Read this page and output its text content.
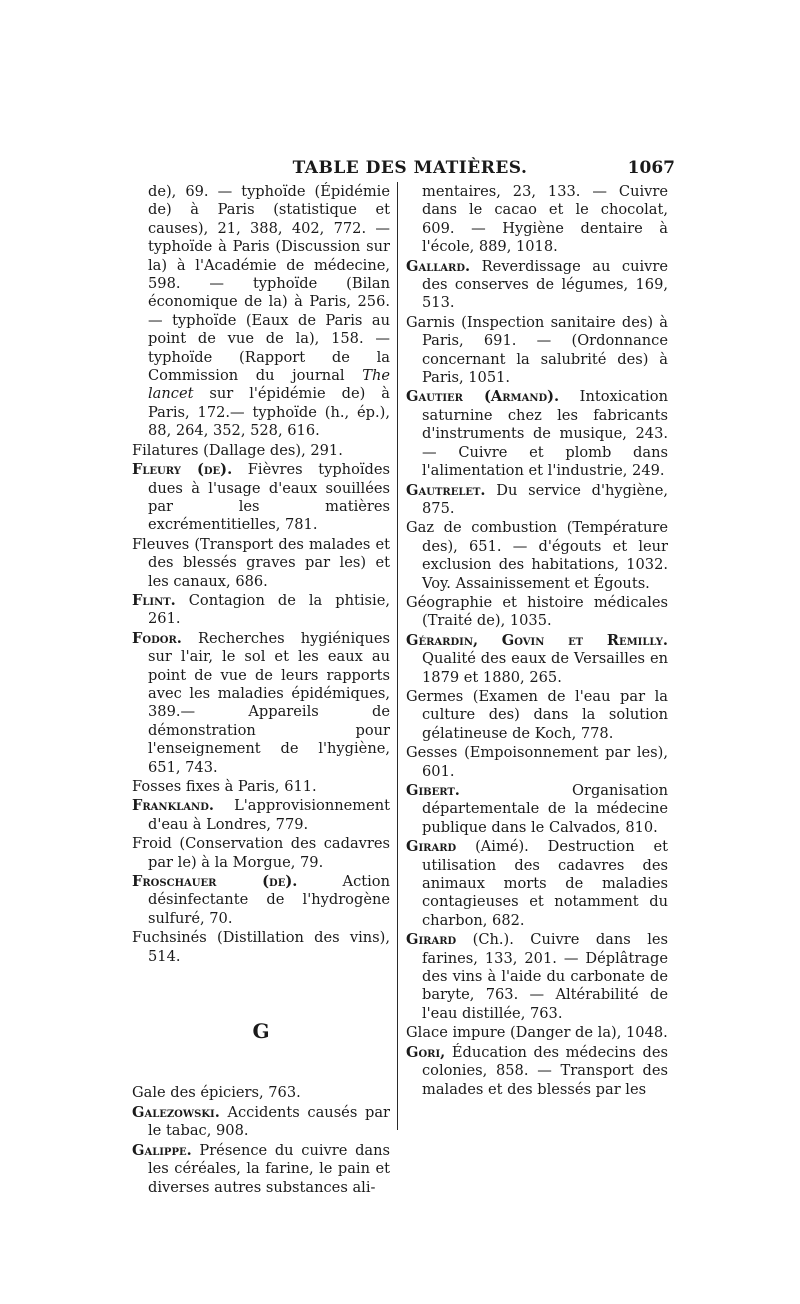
TABLE DES MATIÈRES.	1067

de), 69. — typhoïde (Épidémie de) à Paris (statistique et causes), 21, 388, 402, 772. — typhoïde à Paris (Discussion sur la) à l'Académie de médecine, 598. — typhoïde (Bilan économique de la) à Paris, 256. — typhoïde (Eaux de Paris au point de vue de la), 158. — typhoïde (Rapport de la Commission du journal The lancet sur l'épidémie de) à Paris, 172.— typhoïde (h., ép.), 88, 264, 352, 528, 616.

Filatures (Dallage des), 291.

Fleury (de). Fièvres typhoïdes dues à l'usage d'eaux souillées par les matières excrémentitielles, 781.

Fleuves (Transport des malades et des blessés graves par les) et les canaux, 686.

Flint. Contagion de la phtisie, 261.

Fodor. Recherches hygiéniques sur l'air, le sol et les eaux au point de vue de leurs rapports avec les maladies épidémiques, 389.— Appareils de démonstration pour l'enseignement de l'hygiène, 651, 743.

Fosses fixes à Paris, 611.

Frankland. L'approvisionnement d'eau à Londres, 779.

Froid (Conservation des cadavres par le) à la Morgue, 79.

Froschauer (de). Action désinfectante de l'hydrogène sulfuré, 70.

Fuchsinés (Distillation des vins), 514.

G

Gale des épiciers, 763.

Galezowski. Accidents causés par le tabac, 908.

Galippe. Présence du cuivre dans les céréales, la farine, le pain et diverses autres substances ali-

mentaires, 23, 133. — Cuivre dans le cacao et le chocolat, 609. — Hygiène dentaire à l'école, 889, 1018.

Gallard. Reverdissage au cuivre des conserves de légumes, 169, 513.

Garnis (Inspection sanitaire des) à Paris, 691. — (Ordonnance concernant la salubrité des) à Paris, 1051.

Gautier (Armand). Intoxication saturnine chez les fabricants d'instruments de musique, 243. — Cuivre et plomb dans l'alimentation et l'industrie, 249.

Gautrelet. Du service d'hygiène, 875.

Gaz de combustion (Température des), 651. — d'égouts et leur exclusion des habitations, 1032. Voy. Assainissement et Égouts.

Géographie et histoire médicales (Traité de), 1035.

Gérardin, Govin et Remilly. Qualité des eaux de Versailles en 1879 et 1880, 265.

Germes (Examen de l'eau par la culture des) dans la solution gélatineuse de Koch, 778.

Gesses (Empoisonnement par les), 601.

Gibert. Organisation départementale de la médecine publique dans le Calvados, 810.

Girard (Aimé). Destruction et utilisation des cadavres des animaux morts de maladies contagieuses et notamment du charbon, 682.

Girard (Ch.). Cuivre dans les farines, 133, 201. — Déplâtrage des vins à l'aide du carbonate de baryte, 763. — Altérabilité de l'eau distillée, 763.

Glace impure (Danger de la), 1048.

Gori, Éducation des médecins des colonies, 858. — Transport des malades et des blessés par les
